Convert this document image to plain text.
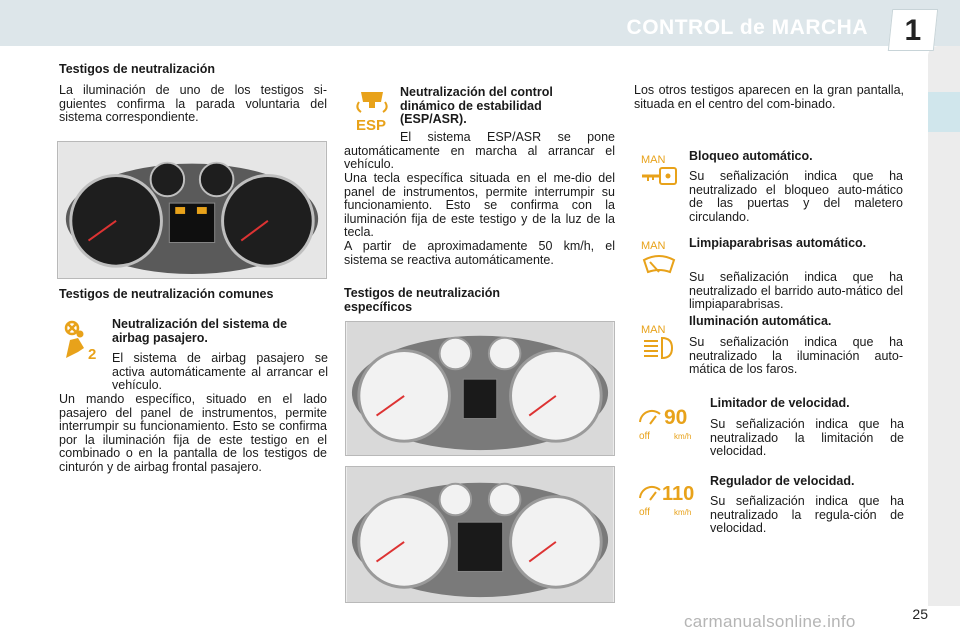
CONTROL de MARCHA	1
Testigos de neutralización
La iluminación de uno de los testigos si-guientes confirma la parada voluntaria del sistema correspondiente.
Testigos de neutralización comunes
2
Neutralización del sistema de airbag pasajero.
El sistema de airbag pasajero se activa automáticamente al arrancar el vehículo.
Un mando específico, situado en el lado pasajero del panel de instrumentos, permite interrumpir su funcionamiento. Esto se confirma por la iluminación fija de este testigo en el combinado o en la pantalla de los testigos de cinturón y de airbag frontal pasajero.
ESP
Neutralización del control dinámico de estabilidad (ESP/ASR).
El sistema ESP/ASR se pone automáticamente en marcha al arrancar el vehículo.
Una tecla específica situada en el me-dio del panel de instrumentos, permite interrumpir su funcionamiento. Esto se confirma con la iluminación fija de este testigo y de la luz de la tecla.
A partir de aproximadamente 50 km/h, el sistema se reactiva automáticamente.
Testigos de neutralización específicos
Los otros testigos aparecen en la gran pantalla, situada en el centro del com-binado.
MAN Bloqueo automático.
Su señalización indica que ha neutralizado el bloqueo auto-mático de las puertas y del maletero circulando.
MAN Limpiaparabrisas automático.
Su señalización indica que ha neutralizado el barrido auto-mático del limpiaparabrisas.
MAN
Iluminación automática.
Su señalización indica que ha neutralizado la iluminación auto-mática de los faros.
90
off	km/h
Limitador de velocidad.
Su señalización indica que ha neutralizado la limitación de velocidad.
110
off	km/h
Regulador de velocidad.
Su señalización indica que ha neutralizado la regula-ción de velocidad.
25
carmanualsonline.info
